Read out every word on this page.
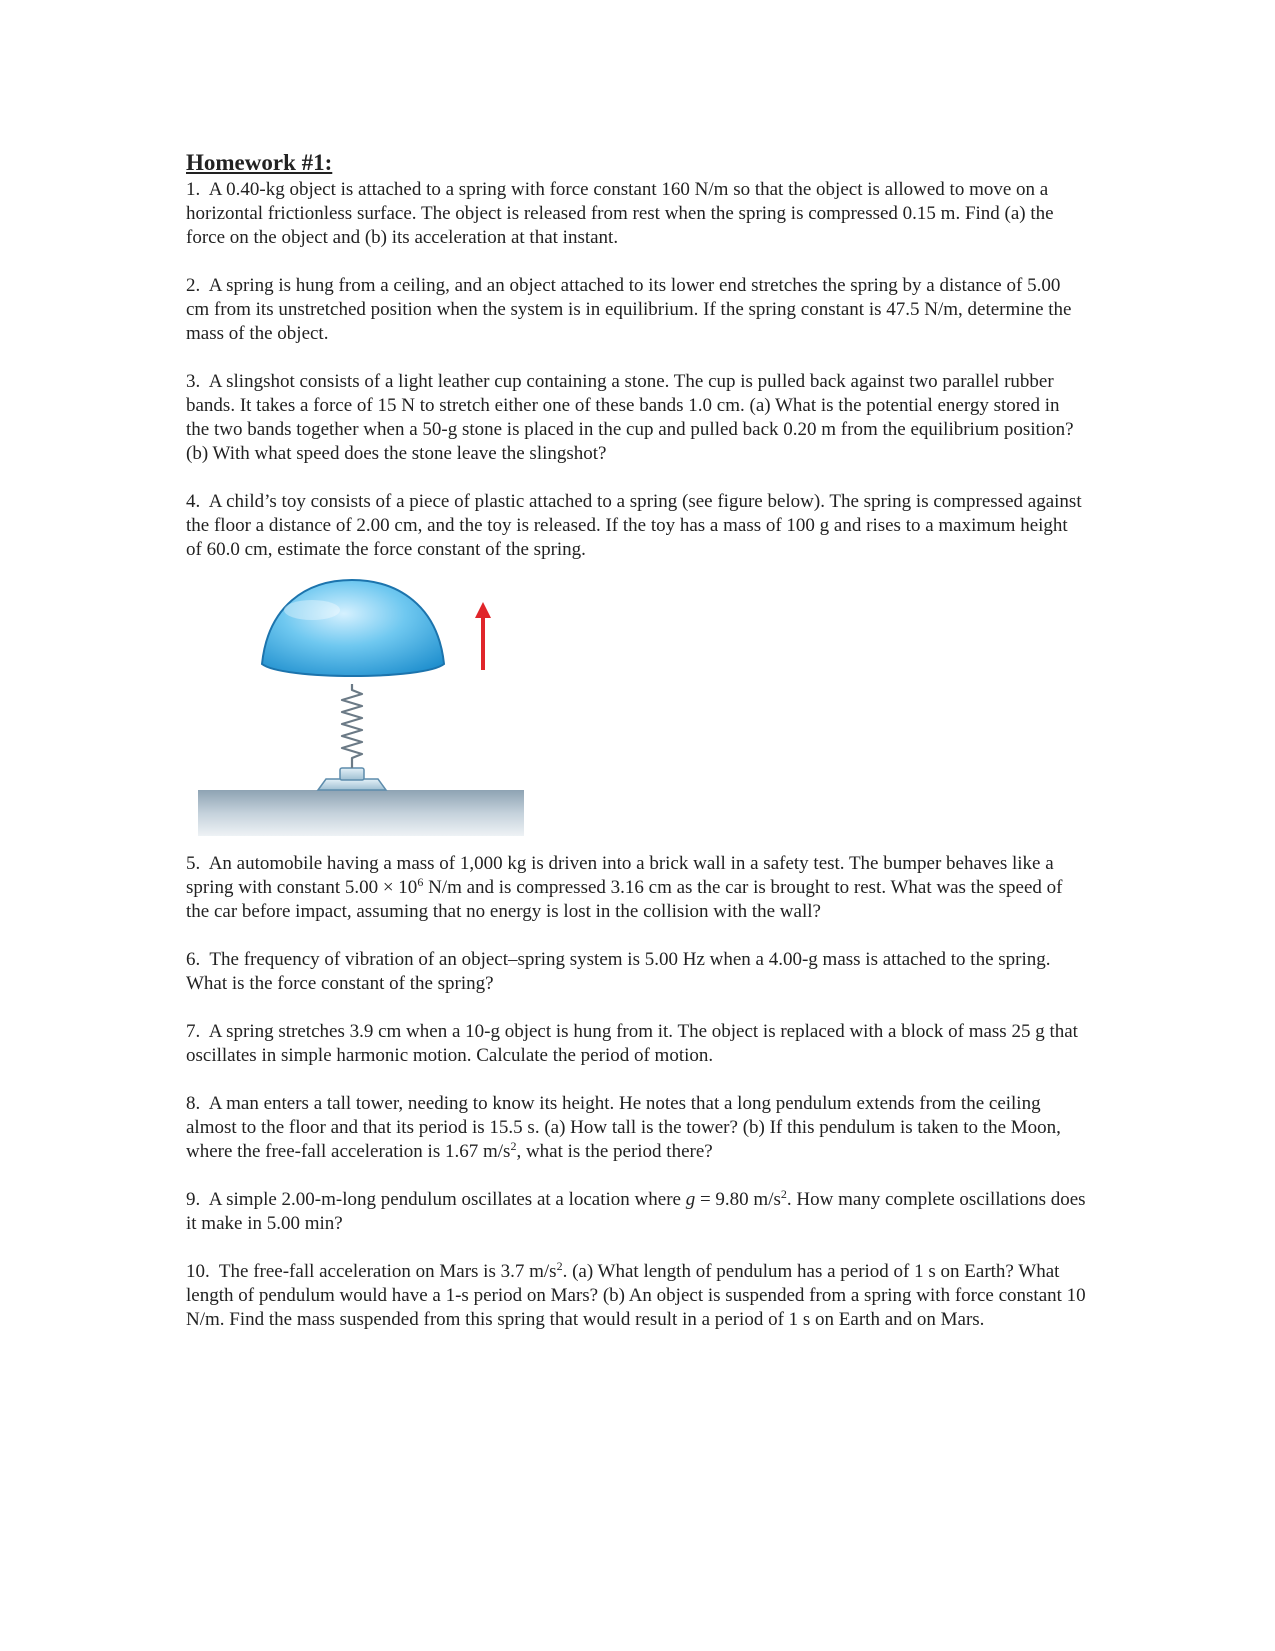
Homework #1:

1. A 0.40-kg object is attached to a spring with force constant 160 N/m so that the object is allowed to move on a horizontal frictionless surface. The object is released from rest when the spring is compressed 0.15 m. Find (a) the force on the object and (b) its acceleration at that instant.

2. A spring is hung from a ceiling, and an object attached to its lower end stretches the spring by a distance of 5.00 cm from its unstretched position when the system is in equilibrium. If the spring constant is 47.5 N/m, determine the mass of the object.

3. A slingshot consists of a light leather cup containing a stone. The cup is pulled back against two parallel rubber bands. It takes a force of 15 N to stretch either one of these bands 1.0 cm. (a) What is the potential energy stored in the two bands together when a 50-g stone is placed in the cup and pulled back 0.20 m from the equilibrium position? (b) With what speed does the stone leave the slingshot?

4. A child’s toy consists of a piece of plastic attached to a spring (see figure below). The spring is compressed against the floor a distance of 2.00 cm, and the toy is released. If the toy has a mass of 100 g and rises to a maximum height of 60.0 cm, estimate the force constant of the spring.

5. An automobile having a mass of 1,000 kg is driven into a brick wall in a safety test. The bumper behaves like a spring with constant $5.00 \times 10^6$ N/m and is compressed 3.16 cm as the car is brought to rest. What was the speed of the car before impact, assuming that no energy is lost in the collision with the wall?

6. The frequency of vibration of an object–spring system is 5.00 Hz when a 4.00-g mass is attached to the spring. What is the force constant of the spring?

7. A spring stretches 3.9 cm when a 10-g object is hung from it. The object is replaced with a block of mass 25 g that oscillates in simple harmonic motion. Calculate the period of motion.

8. A man enters a tall tower, needing to know its height. He notes that a long pendulum extends from the ceiling almost to the floor and that its period is 15.5 s. (a) How tall is the tower? (b) If this pendulum is taken to the Moon, where the free-fall acceleration is 1.67 $m/s^2$, what is the period there?

9. A simple 2.00-m-long pendulum oscillates at a location where g = 9.80 $m/s^2$. How many complete oscillations does it make in 5.00 min?

10. The free-fall acceleration on Mars is 3.7 $m/s^2$. (a) What length of pendulum has a period of 1 s on Earth? What length of pendulum would have a 1-s period on Mars? (b) An object is suspended from a spring with force constant 10 N/m. Find the mass suspended from this spring that would result in a period of 1 s on Earth and on Mars.
